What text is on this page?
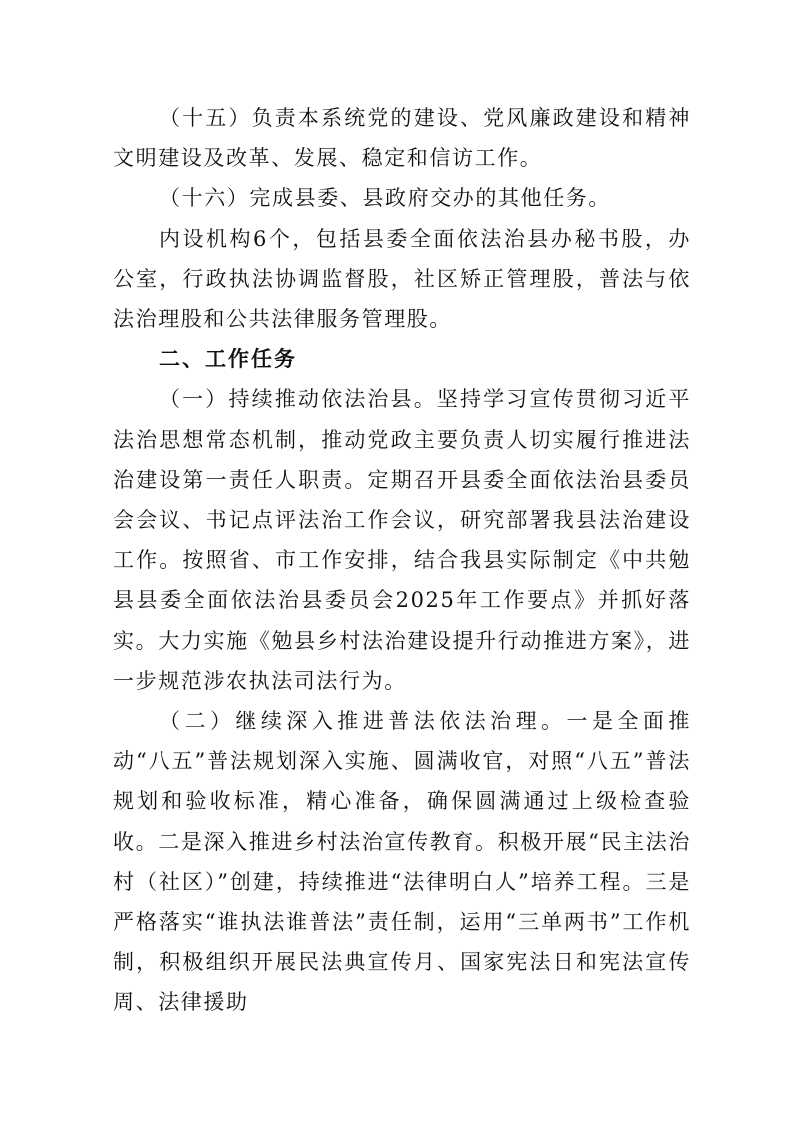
（十五）负责本系统党的建设、党风廉政建设和精神文明建设及改革、发展、稳定和信访工作。

（十六）完成县委、县政府交办的其他任务。

内设机构6个，包括县委全面依法治县办秘书股，办公室，行政执法协调监督股，社区矫正管理股，普法与依法治理股和公共法律服务管理股。

二、工作任务

（一）持续推动依法治县。坚持学习宣传贯彻习近平法治思想常态机制，推动党政主要负责人切实履行推进法治建设第一责任人职责。定期召开县委全面依法治县委员会会议、书记点评法治工作会议，研究部署我县法治建设工作。按照省、市工作安排，结合我县实际制定《中共勉县县委全面依法治县委员会2025年工作要点》并抓好落实。大力实施《勉县乡村法治建设提升行动推进方案》，进一步规范涉农执法司法行为。

（二）继续深入推进普法依法治理。一是全面推动“八五”普法规划深入实施、圆满收官，对照“八五”普法规划和验收标准，精心准备，确保圆满通过上级检查验收。二是深入推进乡村法治宣传教育。积极开展“民主法治村（社区）”创建，持续推进“法律明白人”培养工程。三是严格落实“谁执法谁普法”责任制，运用“三单两书”工作机制，积极组织开展民法典宣传月、国家宪法日和宪法宣传周、法律援助
